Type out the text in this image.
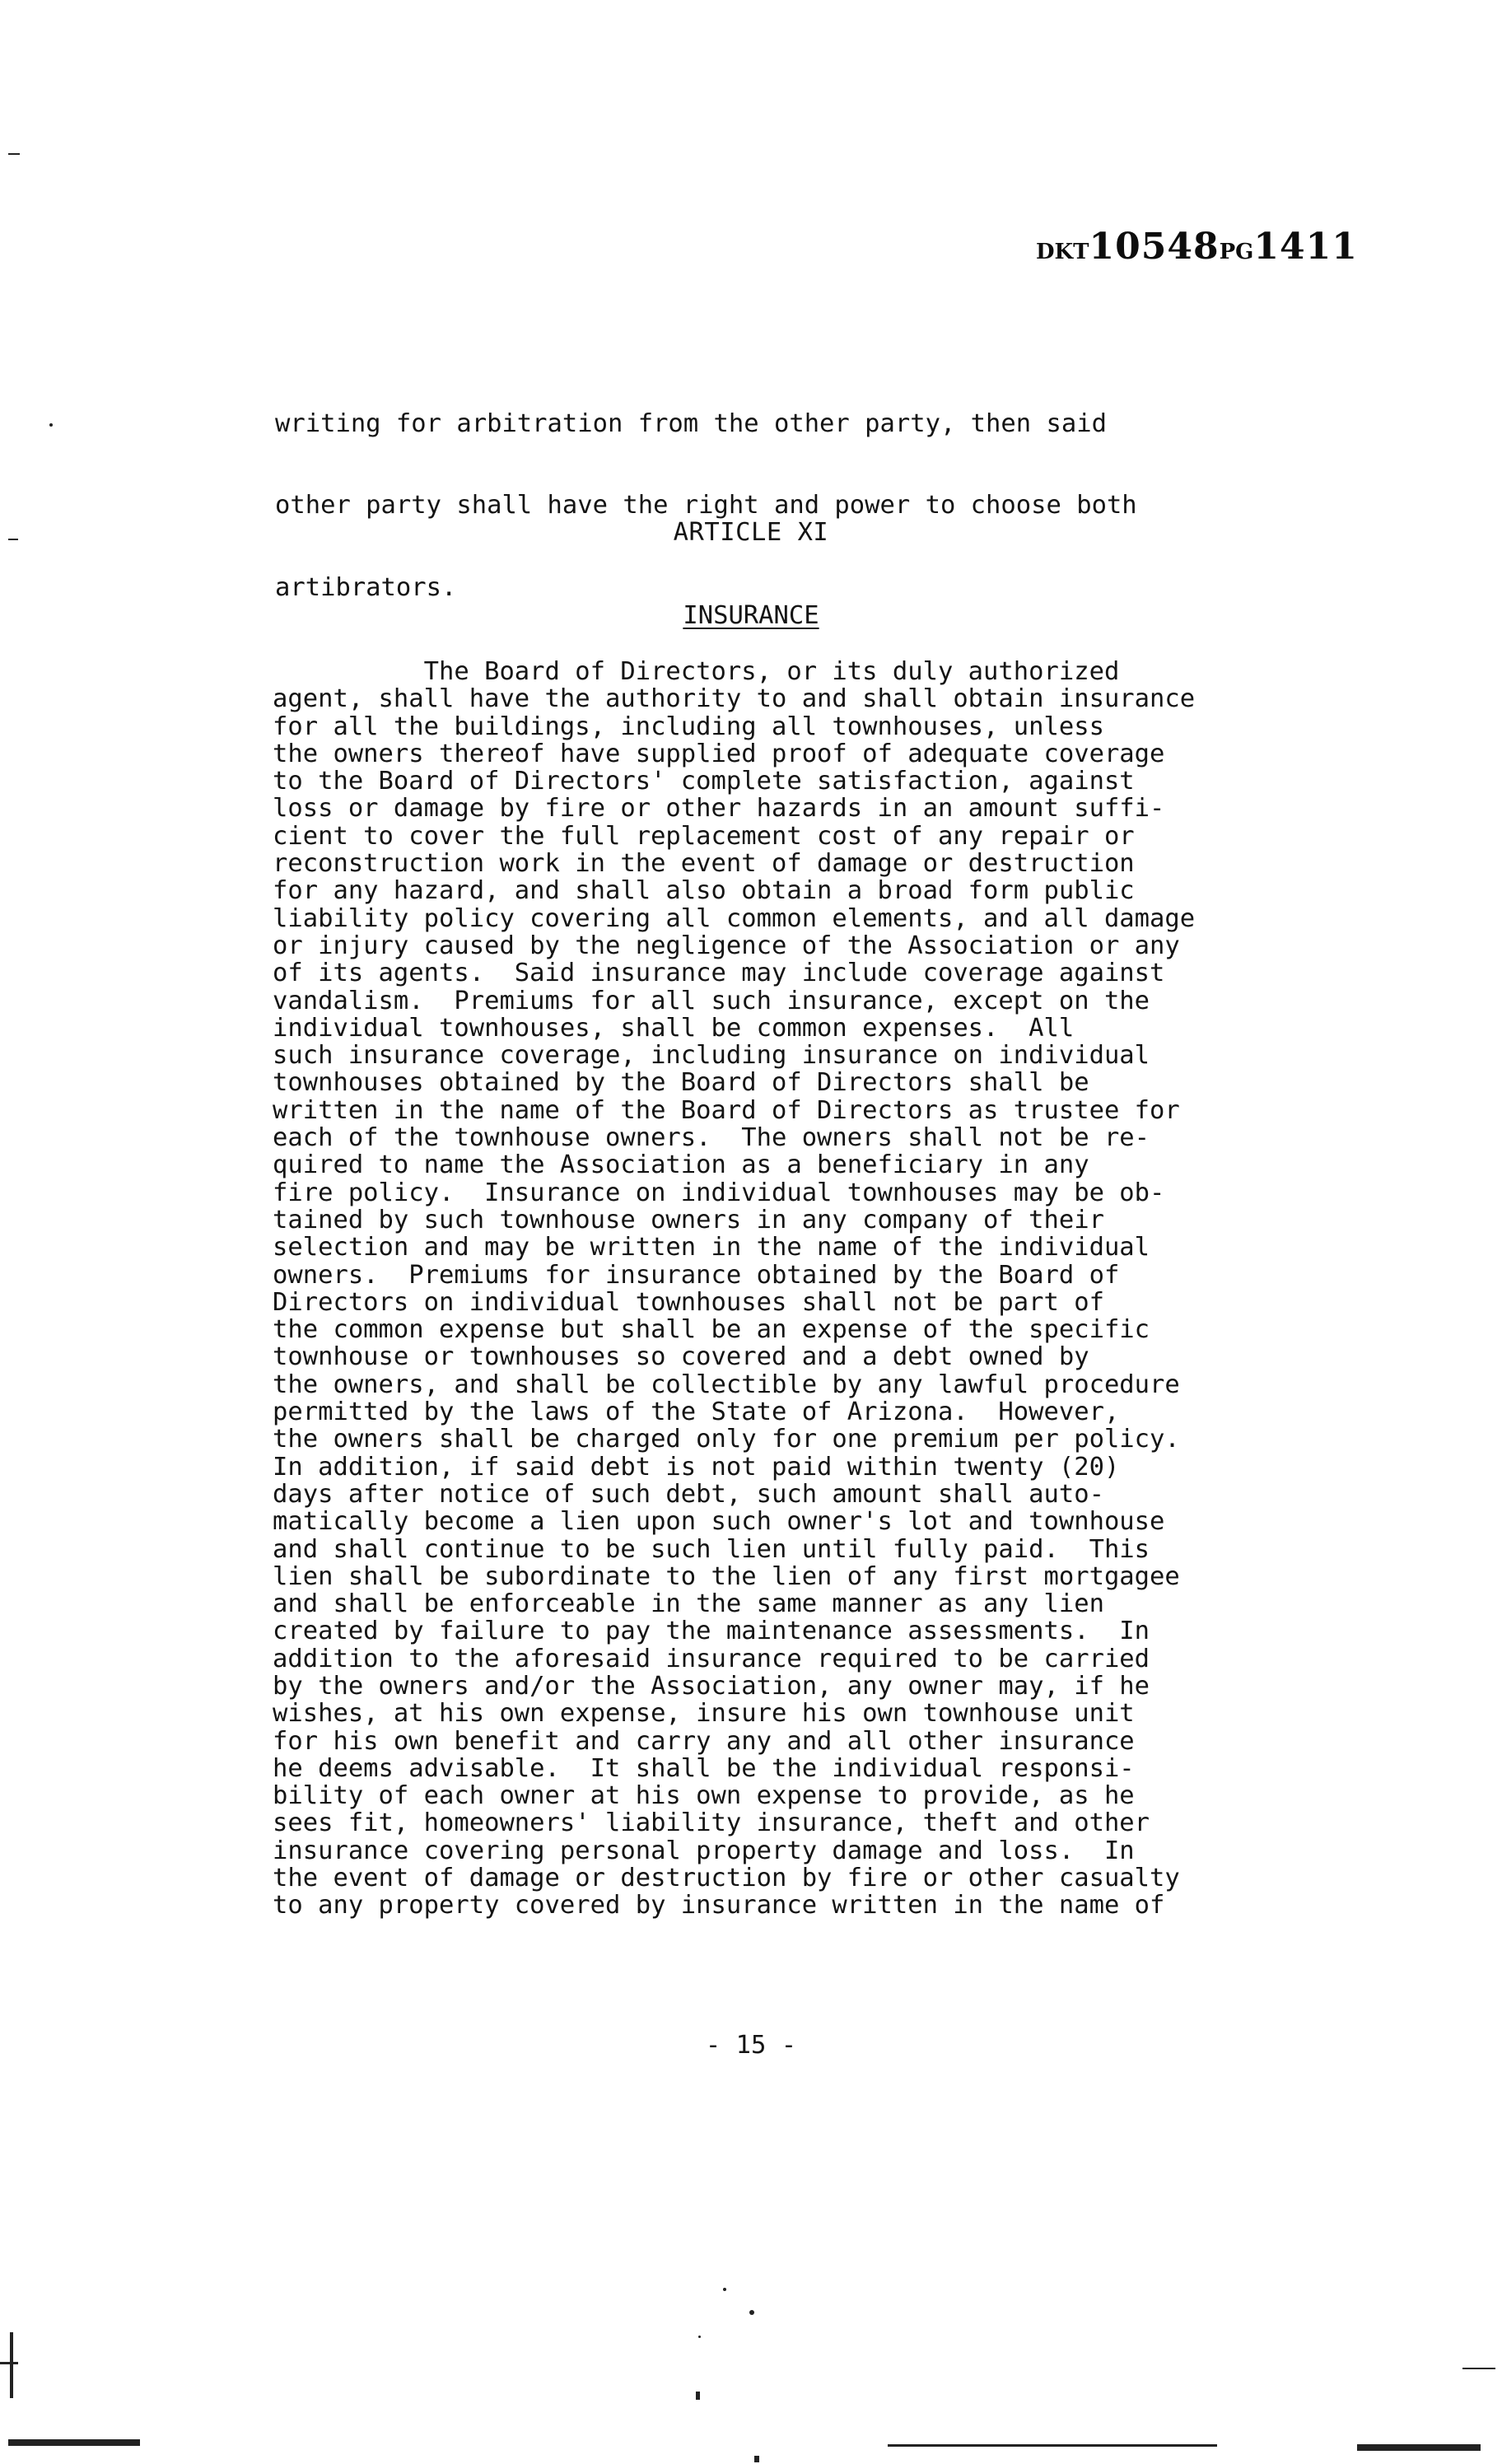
DKT10548PG1411

writing for arbitration from the other party, then said

other party shall have the right and power to choose both

artibrators.

ARTICLE XI
INSURANCE
The Board of Directors, or its duly authorized
agent, shall have the authority to and shall obtain insurance
for all the buildings, including all townhouses, unless
the owners thereof have supplied proof of adequate coverage
to the Board of Directors' complete satisfaction, against
loss or damage by fire or other hazards in an amount suffi-
cient to cover the full replacement cost of any repair or
reconstruction work in the event of damage or destruction
for any hazard, and shall also obtain a broad form public
liability policy covering all common elements, and all damage
or injury caused by the negligence of the Association or any
of its agents.  Said insurance may include coverage against
vandalism.  Premiums for all such insurance, except on the
individual townhouses, shall be common expenses.  All
such insurance coverage, including insurance on individual
townhouses obtained by the Board of Directors shall be
written in the name of the Board of Directors as trustee for
each of the townhouse owners.  The owners shall not be re-
quired to name the Association as a beneficiary in any
fire policy.  Insurance on individual townhouses may be ob-
tained by such townhouse owners in any company of their
selection and may be written in the name of the individual
owners.  Premiums for insurance obtained by the Board of
Directors on individual townhouses shall not be part of
the common expense but shall be an expense of the specific
townhouse or townhouses so covered and a debt owned by
the owners, and shall be collectible by any lawful procedure
permitted by the laws of the State of Arizona.  However,
the owners shall be charged only for one premium per policy.
In addition, if said debt is not paid within twenty (20)
days after notice of such debt, such amount shall auto-
matically become a lien upon such owner's lot and townhouse
and shall continue to be such lien until fully paid.  This
lien shall be subordinate to the lien of any first mortgagee
and shall be enforceable in the same manner as any lien
created by failure to pay the maintenance assessments.  In
addition to the aforesaid insurance required to be carried
by the owners and/or the Association, any owner may, if he
wishes, at his own expense, insure his own townhouse unit
for his own benefit and carry any and all other insurance
he deems advisable.  It shall be the individual responsi-
bility of each owner at his own expense to provide, as he
sees fit, homeowners' liability insurance, theft and other
insurance covering personal property damage and loss.  In
the event of damage or destruction by fire or other casualty
to any property covered by insurance written in the name of
- 15 -
